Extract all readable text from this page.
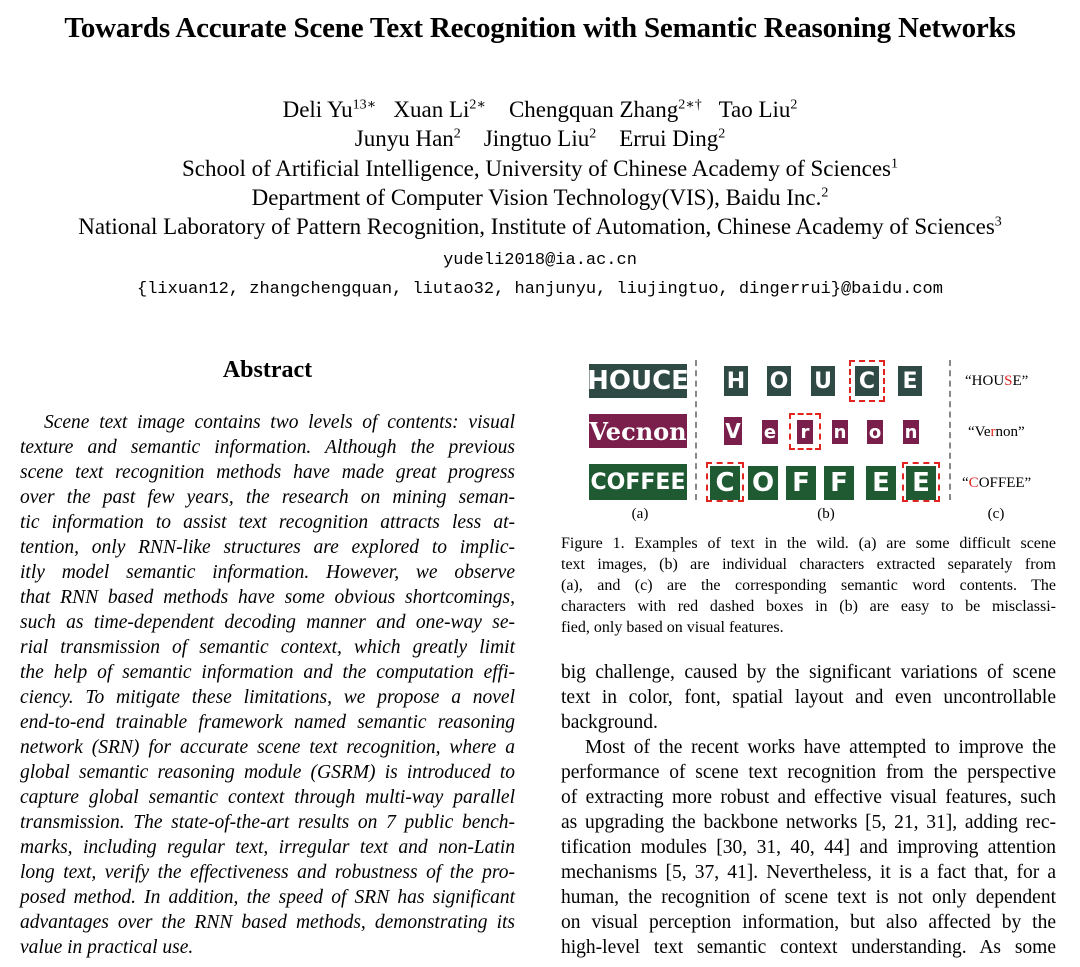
Towards Accurate Scene Text Recognition with Semantic Reasoning Networks
Deli $Yu^{13∗}$ Xuan $Li^{2∗}$ Chengquan Zhang$^{2∗\dagger}$ Tao Liu$^2$
Junyu Han$^2$ Jingtuo Liu$^2$ Errui Ding$^2$
School of Artificial Intelligence, University of Chinese Academy of Sciences$^1$
Department of Computer Vision Technology(VIS), Baidu Inc.$^2$
National Laboratory of Pattern Recognition, Institute of Automation, Chinese Academy of Sciences$^3$
yudeli2018@ia.ac.cn
{lixuan12, zhangchengquan, liutao32, hanjunyu, liujingtuo, dingerrui}@baidu.com
Abstract
Scene text image contains two levels of contents: visual
texture and semantic information. Although the previous
scene text recognition methods have made great progress
over the past few years, the research on mining seman-
tic information to assist text recognition attracts less at-
tention, only RNN-like structures are explored to implic-
itly model semantic information. However, we observe
that RNN based methods have some obvious shortcomings,
such as time-dependent decoding manner and one-way se-
rial transmission of semantic context, which greatly limit
the help of semantic information and the computation effi-
ciency. To mitigate these limitations, we propose a novel
end-to-end trainable framework named semantic reasoning
network (SRN) for accurate scene text recognition, where a
global semantic reasoning module (GSRM) is introduced to
capture global semantic context through multi-way parallel
transmission. The state-of-the-art results on 7 public bench-
marks, including regular text, irregular text and non-Latin
long text, verify the effectiveness and robustness of the pro-
posed method. In addition, the speed of SRN has significant
advantages over the RNN based methods, demonstrating its
value in practical use.
HOUCE H O U C E	“HOUSE”
Vecnon V e r n o n	“Vernon”
COFFEE C O F F E E	“COFFEE”
(a)	(b)	(c)
Figure 1. Examples of text in the wild. (a) are some difficult scene
text images, (b) are individual characters extracted separately from
(a), and (c) are the corresponding semantic word contents. The
characters with red dashed boxes in (b) are easy to be misclassi-
fied, only based on visual features.
big challenge, caused by the significant variations of scene
text in color, font, spatial layout and even uncontrollable
background.
Most of the recent works have attempted to improve the
performance of scene text recognition from the perspective
of extracting more robust and effective visual features, such
as upgrading the backbone networks [5, 21, 31], adding rec-
tification modules [30, 31, 40, 44] and improving attention
mechanisms [5, 37, 41]. Nevertheless, it is a fact that, for a
human, the recognition of scene text is not only dependent
on visual perception information, but also affected by the
high-level text semantic context understanding. As some
